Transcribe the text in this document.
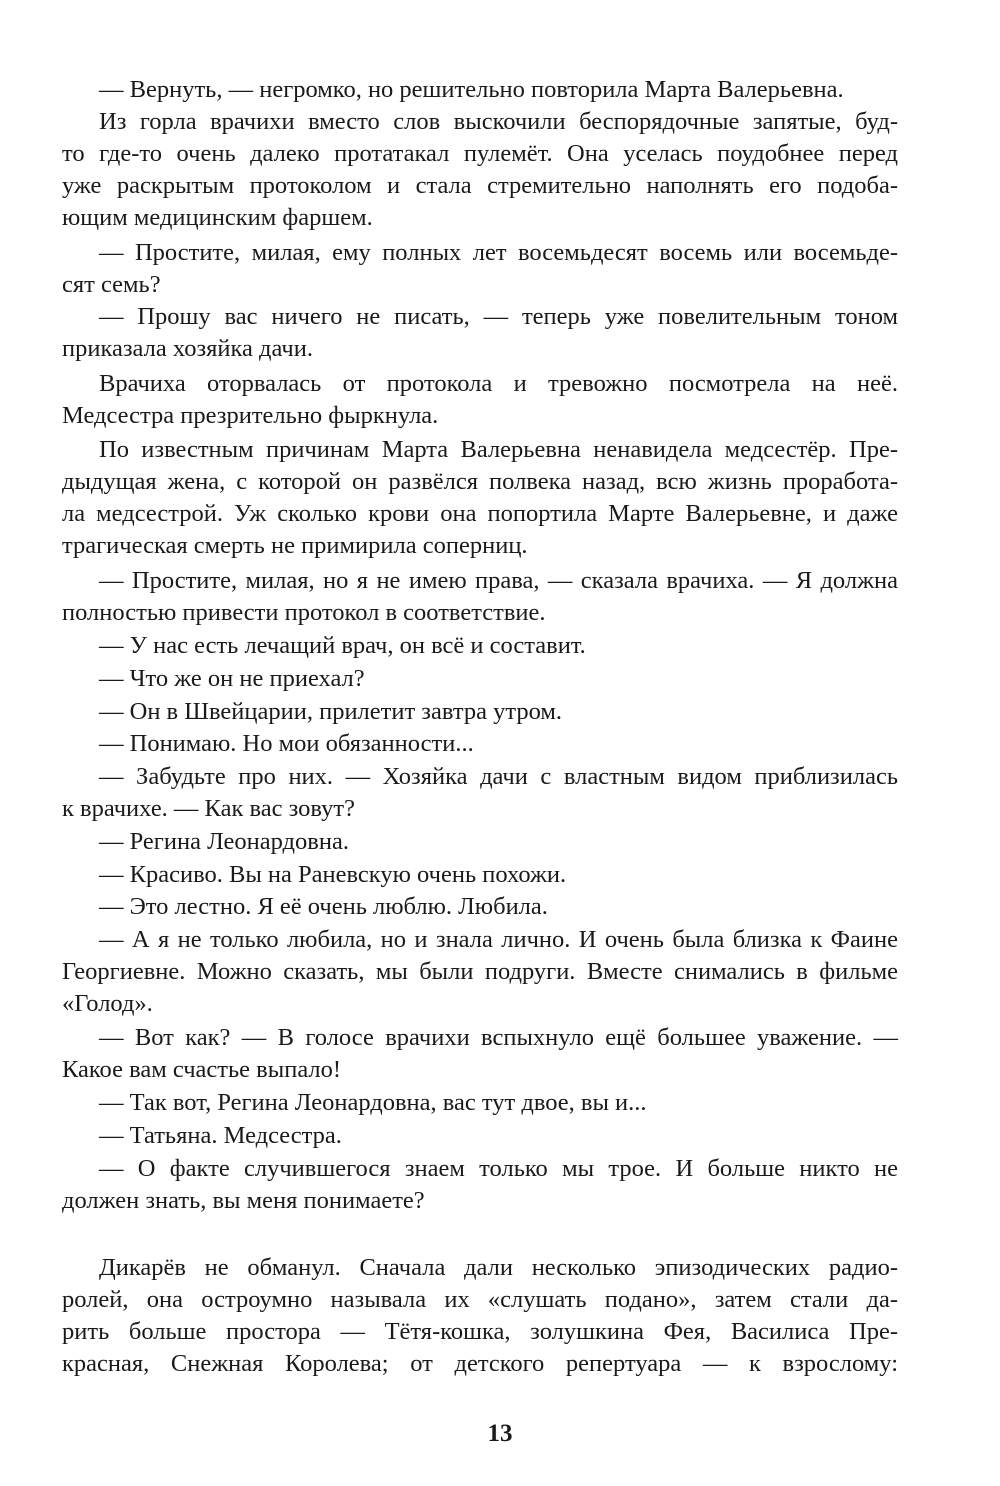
— Вернуть, — негромко, но решительно повторила Марта Валерьевна.
Из горла врачихи вместо слов выскочили беспорядочные запятые, буд-
то где-то очень далеко протатакал пулемёт. Она уселась поудобнее перед
уже раскрытым протоколом и стала стремительно наполнять его подоба-
ющим медицинским фаршем.
— Простите, милая, ему полных лет восемьдесят восемь или восемьде-
сят семь?
— Прошу вас ничего не писать, — теперь уже повелительным тоном
приказала хозяйка дачи.
Врачиха оторвалась от протокола и тревожно посмотрела на неё.
Медсестра презрительно фыркнула.
По известным причинам Марта Валерьевна ненавидела медсестёр. Пре-
дыдущая жена, с которой он развёлся полвека назад, всю жизнь проработа-
ла медсестрой. Уж сколько крови она попортила Марте Валерьевне, и даже
трагическая смерть не примирила соперниц.
— Простите, милая, но я не имею права, — сказала врачиха. — Я должна
полностью привести протокол в соответствие.
— У нас есть лечащий врач, он всё и составит.
— Что же он не приехал?
— Он в Швейцарии, прилетит завтра утром.
— Понимаю. Но мои обязанности...
— Забудьте про них. — Хозяйка дачи с властным видом приблизилась
к врачихе. — Как вас зовут?
— Регина Леонардовна.
— Красиво. Вы на Раневскую очень похожи.
— Это лестно. Я её очень люблю. Любила.
— А я не только любила, но и знала лично. И очень была близка к Фаине
Георгиевне. Можно сказать, мы были подруги. Вместе снимались в фильме
«Голод».
— Вот как? — В голосе врачихи вспыхнуло ещё большее уважение. —
Какое вам счастье выпало!
— Так вот, Регина Леонардовна, вас тут двое, вы и...
— Татьяна. Медсестра.
— О факте случившегося знаем только мы трое. И больше никто не
должен знать, вы меня понимаете?
Дикарёв не обманул. Сначала дали несколько эпизодических радио-
ролей, она остроумно называла их «слушать подано», затем стали да-
рить больше простора — Тётя-кошка, золушкина Фея, Василиса Пре-
красная, Снежная Королева; от детского репертуара — к взрослому:
13
